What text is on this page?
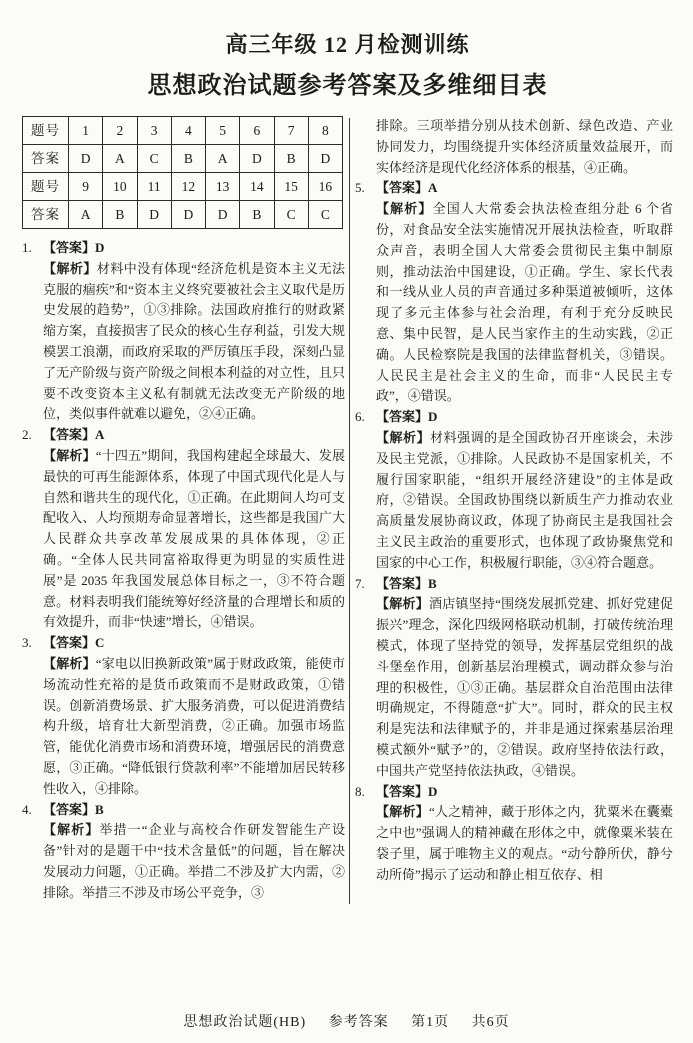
高三年级 12 月检测训练
思想政治试题参考答案及多维细目表
题号	1	2	3	4	5	6	7	8
答案	D	A	C	B	A	D	B	D
题号	9	10	11	12	13	14	15	16
答案	A	B	D	D	D	B	C	C
1. 【答案】D
【解析】材料中没有体现“经济危机是资本主义无法克服的痼疾”和“资本主义终究要被社会主义取代是历史发展的趋势”，①③排除。法国政府推行的财政紧缩方案，直接损害了民众的核心生存利益，引发大规模罢工浪潮，而政府采取的严厉镇压手段，深刻凸显了无产阶级与资产阶级之间根本利益的对立性，且只要不改变资本主义私有制就无法改变无产阶级的地位，类似事件就难以避免，②④正确。
2. 【答案】A
【解析】“十四五”期间，我国构建起全球最大、发展最快的可再生能源体系，体现了中国式现代化是人与自然和谐共生的现代化，①正确。在此期间人均可支配收入、人均预期寿命显著增长，这些都是我国广大人民群众共享改革发展成果的具体体现，②正确。“全体人民共同富裕取得更为明显的实质性进展”是 2035 年我国发展总体目标之一，③不符合题意。材料表明我们能统筹好经济量的合理增长和质的有效提升，而非“快速”增长，④错误。
3. 【答案】C
【解析】“家电以旧换新政策”属于财政政策，能使市场流动性充裕的是货币政策而不是财政政策，①错误。创新消费场景、扩大服务消费，可以促进消费结构升级，培育壮大新型消费，②正确。加强市场监管，能优化消费市场和消费环境，增强居民的消费意愿，③正确。“降低银行贷款利率”不能增加居民转移性收入，④排除。
4. 【答案】B
【解析】举措一“企业与高校合作研发智能生产设备”针对的是题干中“技术含量低”的问题，旨在解决发展动力问题，①正确。举措二不涉及扩大内需，②排除。举措三不涉及市场公平竞争，③
排除。三项举措分别从技术创新、绿色改造、产业协同发力，均围绕提升实体经济质量效益展开，而实体经济是现代化经济体系的根基，④正确。
5. 【答案】A
【解析】全国人大常委会执法检查组分赴 6 个省份，对食品安全法实施情况开展执法检查，听取群众声音，表明全国人大常委会贯彻民主集中制原则，推动法治中国建设，①正确。学生、家长代表和一线从业人员的声音通过多种渠道被倾听，这体现了多元主体参与社会治理，有利于充分反映民意、集中民智，是人民当家作主的生动实践，②正确。人民检察院是我国的法律监督机关，③错误。人民民主是社会主义的生命，而非“人民民主专政”，④错误。
6. 【答案】D
【解析】材料强调的是全国政协召开座谈会，未涉及民主党派，①排除。人民政协不是国家机关，不履行国家职能，“组织开展经济建设”的主体是政府，②错误。全国政协围绕以新质生产力推动农业高质量发展协商议政，体现了协商民主是我国社会主义民主政治的重要形式，也体现了政协聚焦党和国家的中心工作，积极履行职能，③④符合题意。
7. 【答案】B
【解析】酒店镇坚持“围绕发展抓党建、抓好党建促振兴”理念，深化四级网格联动机制，打破传统治理模式，体现了坚持党的领导，发挥基层党组织的战斗堡垒作用，创新基层治理模式，调动群众参与治理的积极性，①③正确。基层群众自治范围由法律明确规定，不得随意“扩大”。同时，群众的民主权利是宪法和法律赋予的，并非是通过探索基层治理模式额外“赋予”的，②错误。政府坚持依法行政，中国共产党坚持依法执政，④错误。
8. 【答案】D
【解析】“人之精神，藏于形体之内，犹粟米在囊橐之中也”强调人的精神藏在形体之中，就像粟米装在袋子里，属于唯物主义的观点。“动兮静所伏，静兮动所倚”揭示了运动和静止相互依存、相
思想政治试题(HB) 参考答案 第1页 共6页
